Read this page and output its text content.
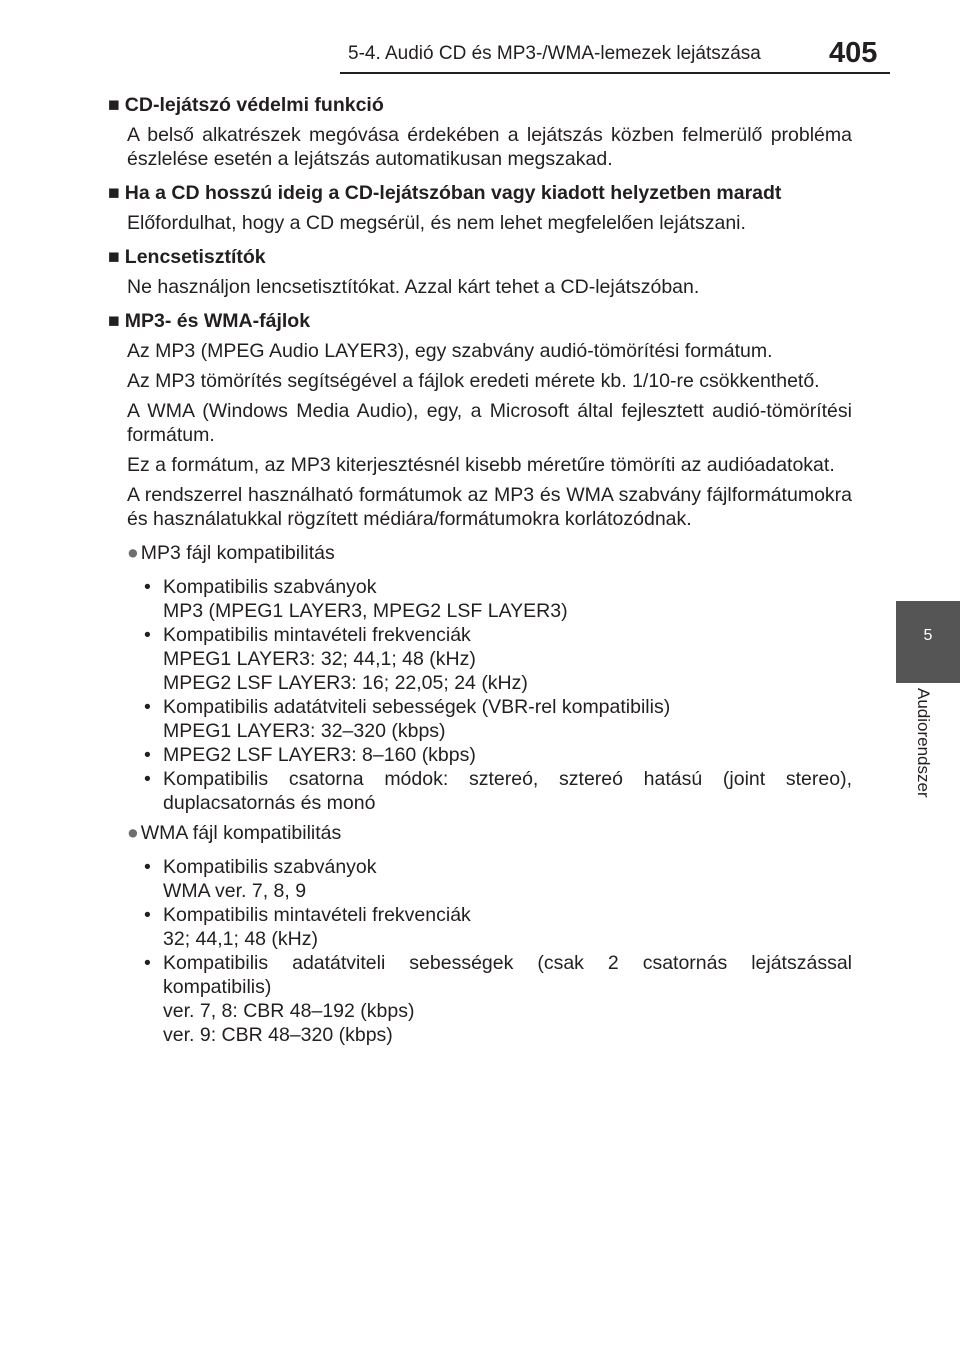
5-4. Audió CD és MP3-/WMA-lemezek lejátszása 405
5
Audiorendszer
■ CD-lejátszó védelmi funkció
A belső alkatrészek megóvása érdekében a lejátszás közben felmerülő probléma észlelése esetén a lejátszás automatikusan megszakad.
■ Ha a CD hosszú ideig a CD-lejátszóban vagy kiadott helyzetben maradt
Előfordulhat, hogy a CD megsérül, és nem lehet megfelelően lejátszani.
■ Lencsetisztítók
Ne használjon lencsetisztítókat. Azzal kárt tehet a CD-lejátszóban.
■ MP3- és WMA-fájlok
Az MP3 (MPEG Audio LAYER3), egy szabvány audió-tömörítési formátum.
Az MP3 tömörítés segítségével a fájlok eredeti mérete kb. 1/10-re csökkenthető.
A WMA (Windows Media Audio), egy, a Microsoft által fejlesztett audió-tömörítési formátum.
Ez a formátum, az MP3 kiterjesztésnél kisebb méretűre tömöríti az audióadatokat.
A rendszerrel használható formátumok az MP3 és WMA szabvány fájlformátumokra és használatukkal rögzített médiára/formátumokra korlátozódnak.
● MP3 fájl kompatibilitás
• Kompatibilis szabványok
MP3 (MPEG1 LAYER3, MPEG2 LSF LAYER3)
• Kompatibilis mintavételi frekvenciák
MPEG1 LAYER3: 32; 44,1; 48 (kHz)
MPEG2 LSF LAYER3: 16; 22,05; 24 (kHz)
• Kompatibilis adatátviteli sebességek (VBR-rel kompatibilis)
MPEG1 LAYER3: 32–320 (kbps)
• MPEG2 LSF LAYER3: 8–160 (kbps)
• Kompatibilis csatorna módok: sztereó, sztereó hatású (joint stereo), duplacsatornás és monó
● WMA fájl kompatibilitás
• Kompatibilis szabványok
WMA ver. 7, 8, 9
• Kompatibilis mintavételi frekvenciák
32; 44,1; 48 (kHz)
• Kompatibilis adatátviteli sebességek (csak 2 csatornás lejátszással kompatibilis)
ver. 7, 8: CBR 48–192 (kbps)
ver. 9: CBR 48–320 (kbps)
